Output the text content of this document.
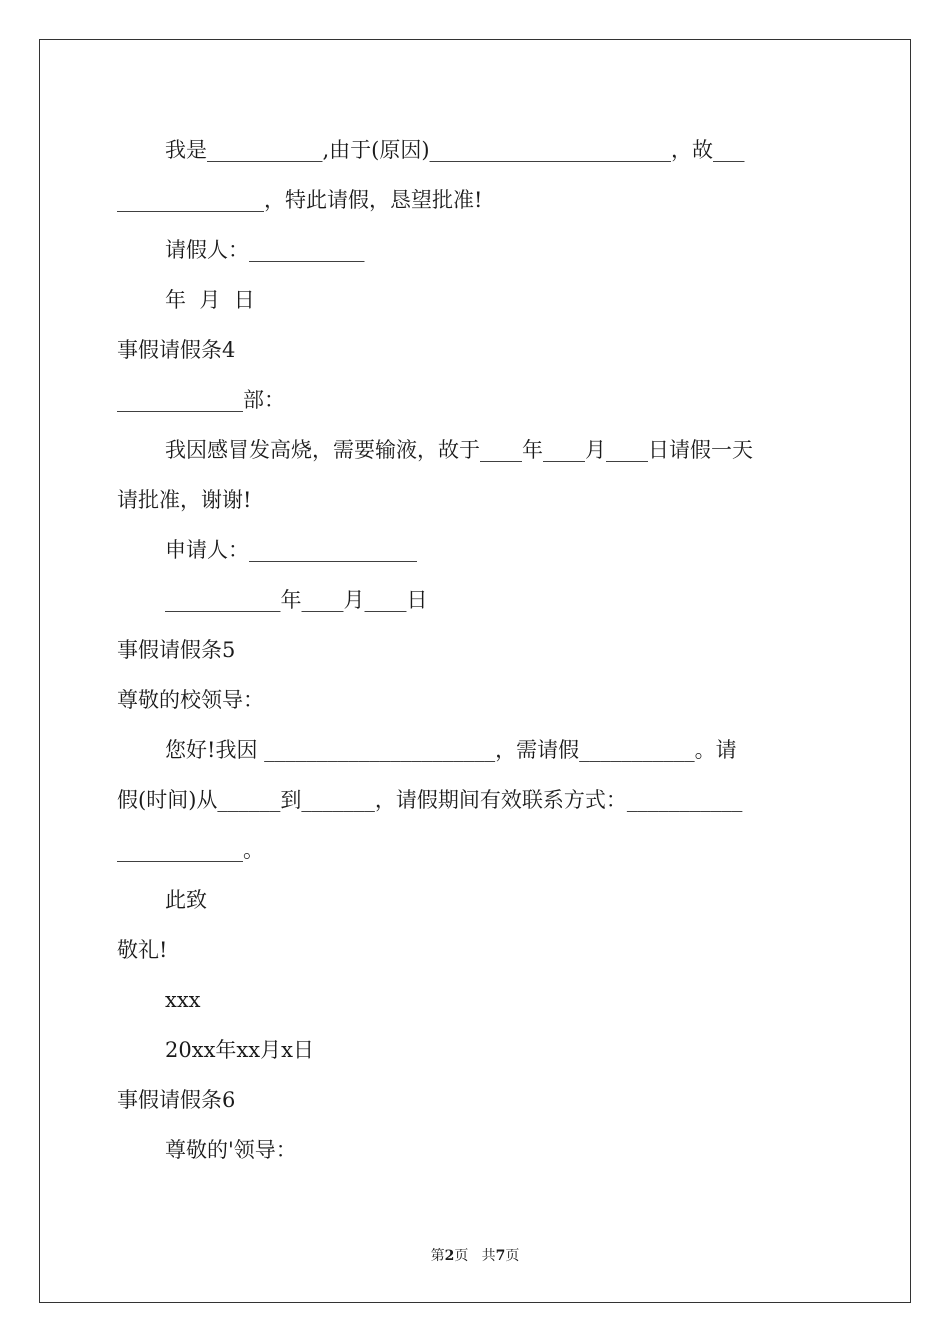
我是___________,由于(原因)_______________________，故___
______________，特此请假，恳望批准!
请假人：___________
年  月  日
事假请假条4
____________部：
我因感冒发高烧，需要输液，故于____年____月____日请假一天
请批准，谢谢!
申请人：________________
___________年____月____日
事假请假条5
尊敬的校领导：
您好!我因 ______________________，需请假___________。请
假(时间)从______到_______，请假期间有效联系方式：___________
____________。
此致
敬礼!
xxx
20xx年xx月x日
事假请假条6
尊敬的'领导：
第2页 共7页
